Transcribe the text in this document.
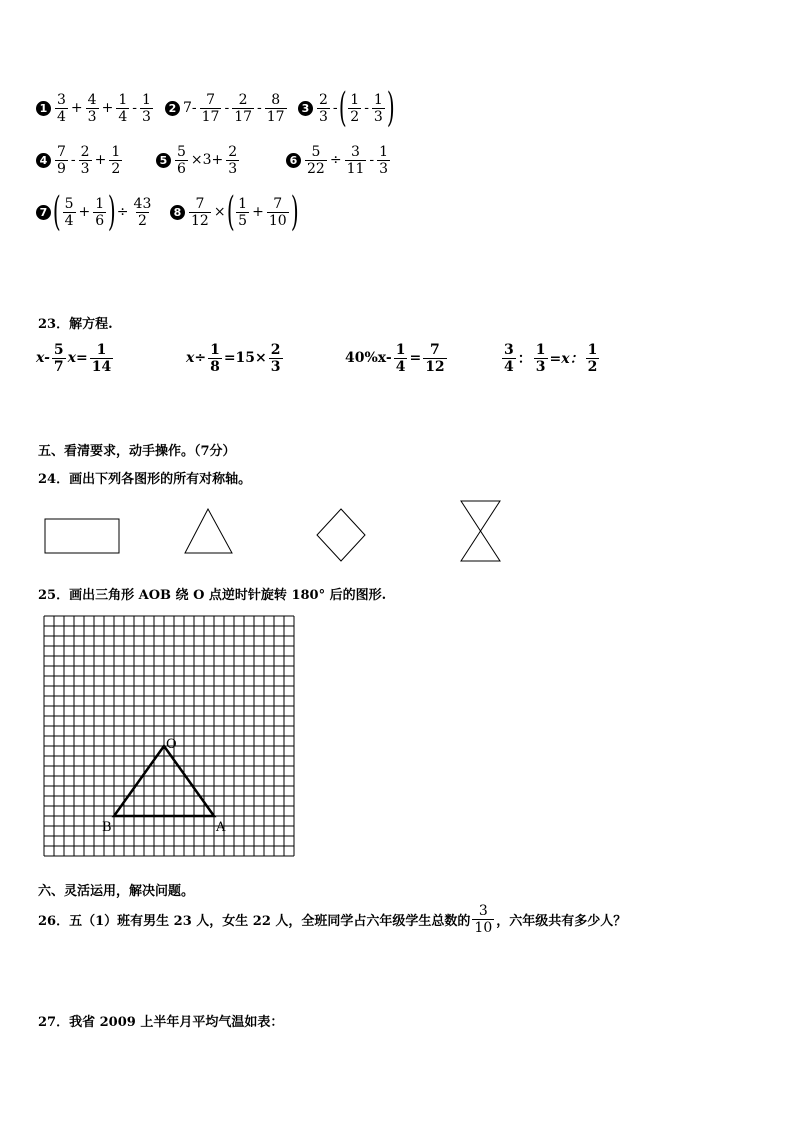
$1 \frac{3}{4} + \frac{4}{3} + \frac{1}{4} - \frac{1}{3}$	2 $7- \frac{7}{17} - \frac{2}{17} - \frac{8}{17}$	$3 \frac{2}{3}$ - ( $\frac{1}{2} - \frac{1}{3}$ )
$4 \frac{7}{9} - \frac{2}{3} + \frac{1}{2}$	$5 \frac{5}{6} \times 3+ \frac{2}{3}$	$6 \frac{5}{22} \div \frac{3}{11} - \frac{1}{3}$
7 ( $\frac{5}{4} + \frac{1}{6}$ ) ÷ $\frac{43}{2}$	$8 \frac{7}{12}$ × ( $\frac{1}{5} + \frac{7}{10}$ )
23．解方程.
$x- \frac{5}{7} x= \frac{1}{14}$	$x\div \frac{1}{8} =15\times \frac{2}{3}$	$40\%x- \frac{1}{4} = \frac{7}{12}$	$\frac{3}{4}$ ： $\frac{1}{3} =x$： $\frac{1}{2}$
五、看清要求，动手操作。（7分）
24．画出下列各图形的所有对称轴。
25．画出三角形 AOB 绕 O 点逆时针旋转 180° 后的图形.
O
B	A
六、灵活运用，解决问题。
26．五（1）班有男生 23 人，女生 22 人，全班同学占六年级学生总数的 $\frac{3}{10}$ ，六年级共有多少人？
27．我省 2009 上半年月平均气温如表：
